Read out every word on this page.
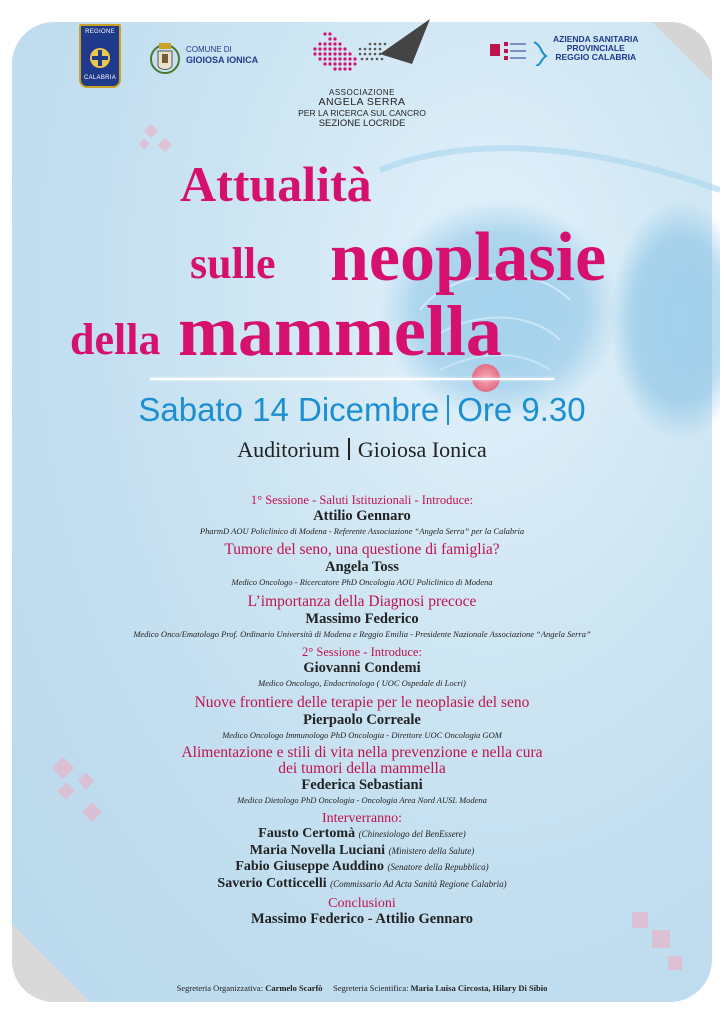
REGIONE
CALABRIA
COMUNE DI
GIOIOSA IONICA
ASSOCIAZIONE
ANGELA SERRA
PER LA RICERCA SUL CANCRO
SEZIONE LOCRIDE
AZIENDA SANITARIA
PROVINCIALE
REGGIO CALABRIA
Attualità
sulle neoplasie
della mammella
Sabato 14 Dicembre Ore 9.30
Auditorium Gioiosa Ionica

1° Sessione - Saluti Istituzionali - Introduce:

Attilio Gennaro

PharmD AOU Policlinico di Modena - Referente Associazione “Angela Serra” per la Calabria

Tumore del seno, una questione di famiglia?

Angela Toss

Medico Oncologo - Ricercatore PhD Oncologia AOU Policlinico di Modena

L’importanza della Diagnosi precoce

Massimo Federico

Medico Onco/Ematologo Prof. Ordinario Università di Modena e Reggio Emilia - Presidente Nazionale Associazione “Angela Serra”

2° Sessione - Introduce:

Giovanni Condemi

Medico Oncologo, Endocrinologo ( UOC Ospedale di Locri)

Nuove frontiere delle terapie per le neoplasie del seno

Pierpaolo Correale

Medico Oncologo Immunologo PhD Oncologia - Direttore UOC Oncologia GOM

Alimentazione e stili di vita nella prevenzione e nella cura

dei tumori della mammella

Federica Sebastiani

Medico Dietologo PhD Oncologia - Oncologia Area Nord AUSL Modena

Interverranno:

Fausto Certomà (Chinesiologo del BenEssere)

Maria Novella Luciani (Ministero della Salute)

Fabio Giuseppe Auddino (Senatore della Repubblica)

Saverio Cotticcelli (Commissario Ad Acta Sanità Regione Calabria)

Conclusioni

Massimo Federico - Attilio Gennaro

Segreteria Organizzativa: Carmelo Scarfò Segreteria Scientifica: Maria Luisa Circosta, Hilary Di Sibio
